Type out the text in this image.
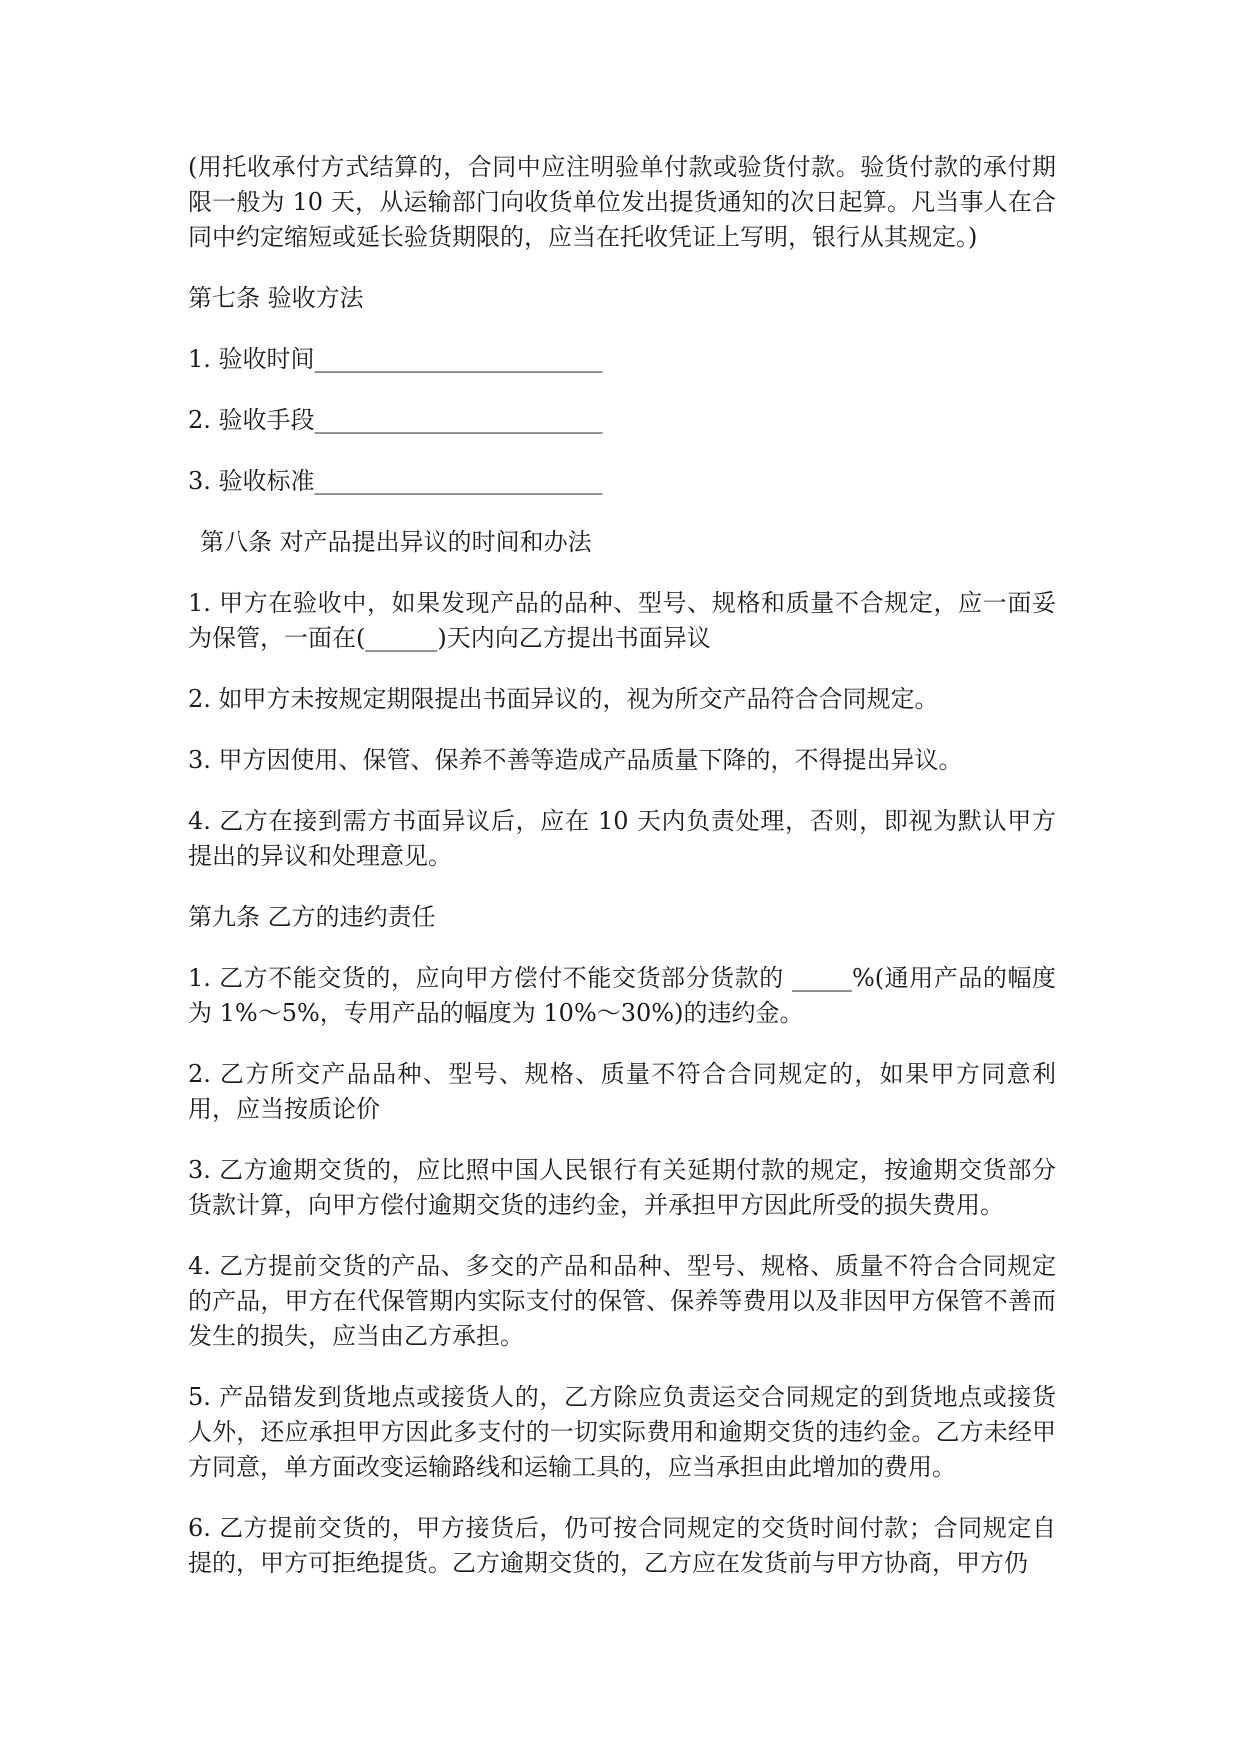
(用托收承付方式结算的，合同中应注明验单付款或验货付款。验货付款的承付期限一般为 10 天，从运输部门向收货单位发出提货通知的次日起算。凡当事人在合同中约定缩短或延长验货期限的，应当在托收凭证上写明，银行从其规定。)

第七条 验收方法

1. 验收时间________________________

2. 验收手段________________________

3. 验收标准________________________

第八条 对产品提出异议的时间和办法

1. 甲方在验收中，如果发现产品的品种、型号、规格和质量不合规定，应一面妥为保管，一面在(______)天内向乙方提出书面异议

2. 如甲方未按规定期限提出书面异议的，视为所交产品符合合同规定。

3. 甲方因使用、保管、保养不善等造成产品质量下降的，不得提出异议。

4. 乙方在接到需方书面异议后，应在 10 天内负责处理，否则，即视为默认甲方提出的异议和处理意见。

第九条 乙方的违约责任

1. 乙方不能交货的，应向甲方偿付不能交货部分货款的 _____%(通用产品的幅度为 1%～5%，专用产品的幅度为 10%～30%)的违约金。

2. 乙方所交产品品种、型号、规格、质量不符合合同规定的，如果甲方同意利用，应当按质论价

3. 乙方逾期交货的，应比照中国人民银行有关延期付款的规定，按逾期交货部分货款计算，向甲方偿付逾期交货的违约金，并承担甲方因此所受的损失费用。

4. 乙方提前交货的产品、多交的产品和品种、型号、规格、质量不符合合同规定的产品，甲方在代保管期内实际支付的保管、保养等费用以及非因甲方保管不善而发生的损失，应当由乙方承担。

5. 产品错发到货地点或接货人的，乙方除应负责运交合同规定的到货地点或接货人外，还应承担甲方因此多支付的一切实际费用和逾期交货的违约金。乙方未经甲方同意，单方面改变运输路线和运输工具的，应当承担由此增加的费用。

6. 乙方提前交货的，甲方接货后，仍可按合同规定的交货时间付款；合同规定自提的，甲方可拒绝提货。乙方逾期交货的，乙方应在发货前与甲方协商，甲方仍
